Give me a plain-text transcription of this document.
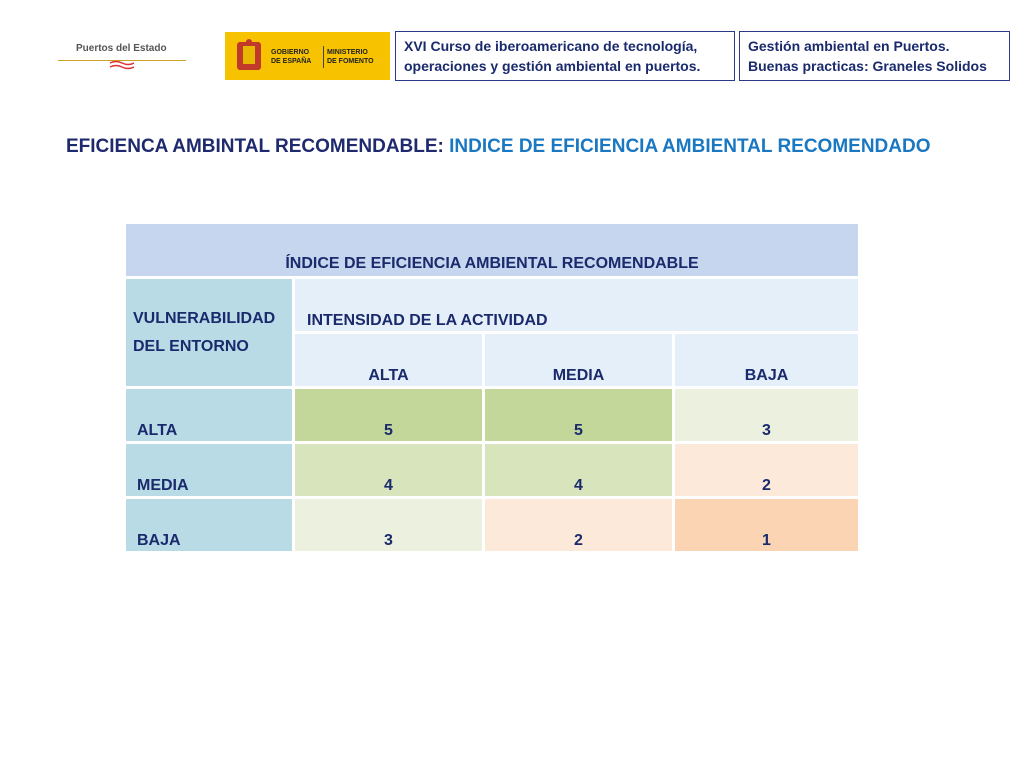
Puertos del Estado	GOBIERNO
DE ESPAÑA
MINISTERIO
DE FOMENTO
XVI Curso de iberoamericano de tecnología,
operaciones y gestión ambiental en puertos.
Gestión ambiental en Puertos.
Buenas practicas: Graneles Solidos
EFICIENCA AMBINTAL RECOMENDABLE: INDICE DE EFICIENCIA AMBIENTAL RECOMENDADO
ÍNDICE DE EFICIENCIA AMBIENTAL RECOMENDABLE
VULNERABILIDAD
DEL ENTORNO
INTENSIDAD DE LA ACTIVIDAD
ALTA	MEDIA	BAJA
ALTA	5	5	3
MEDIA	4	4	2
BAJA	3	2	1
